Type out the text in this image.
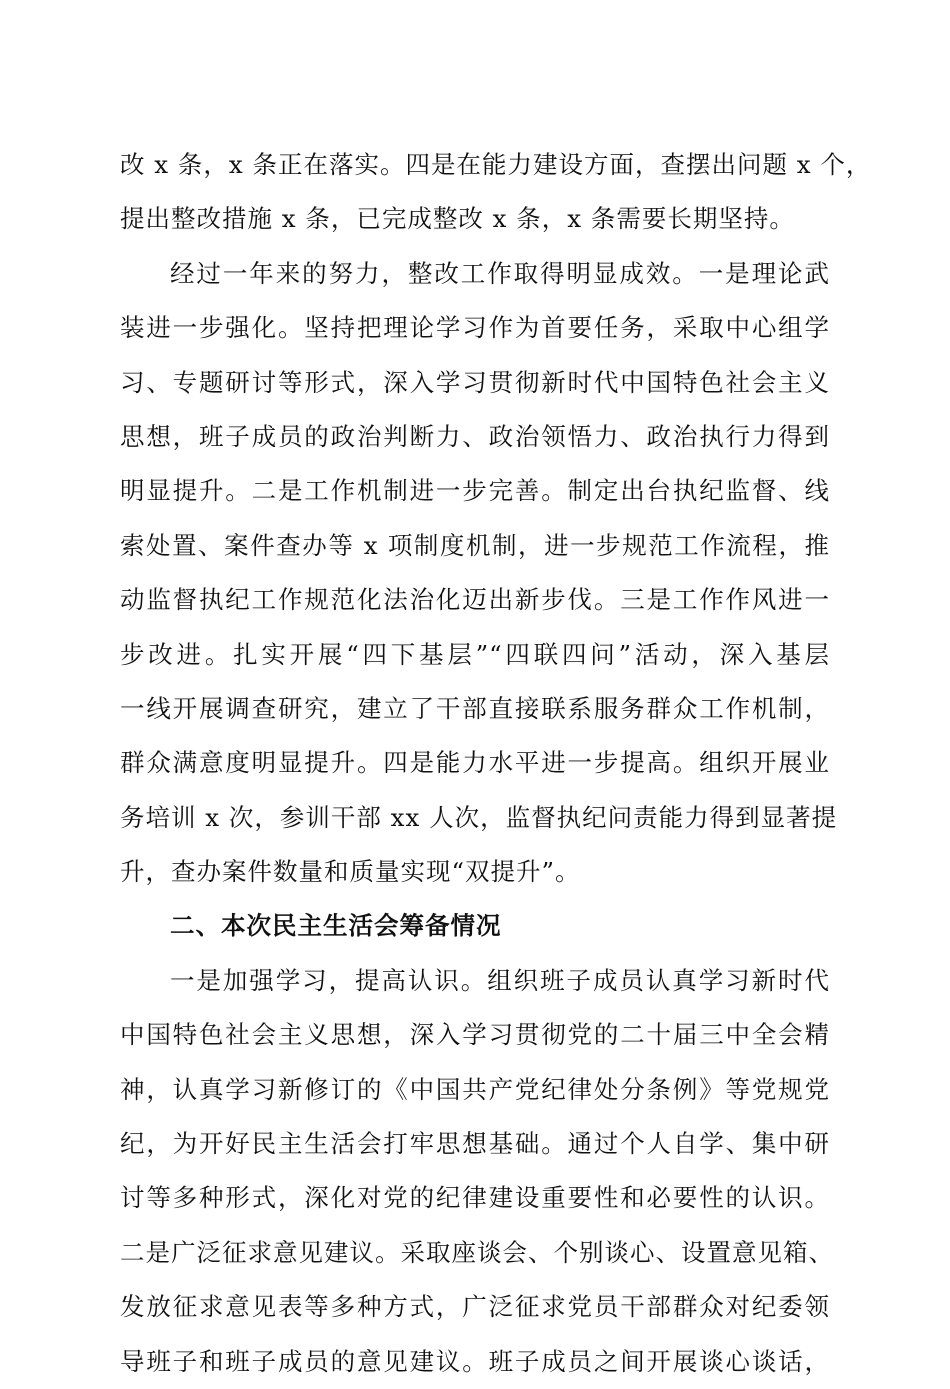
改 x 条，x 条正在落实。四是在能力建设方面，查摆出问题 x 个，
提出整改措施 x 条，已完成整改 x 条，x 条需要长期坚持。
经过一年来的努力，整改工作取得明显成效。一是理论武
装进一步强化。坚持把理论学习作为首要任务，采取中心组学
习、专题研讨等形式，深入学习贯彻新时代中国特色社会主义
思想，班子成员的政治判断力、政治领悟力、政治执行力得到
明显提升。二是工作机制进一步完善。制定出台执纪监督、线
索处置、案件查办等 x 项制度机制，进一步规范工作流程，推
动监督执纪工作规范化法治化迈出新步伐。三是工作作风进一
步改进。扎实开展“四下基层”“四联四问”活动，深入基层
一线开展调查研究，建立了干部直接联系服务群众工作机制，
群众满意度明显提升。四是能力水平进一步提高。组织开展业
务培训 x 次，参训干部 xx 人次，监督执纪问责能力得到显著提
升，查办案件数量和质量实现“双提升”。
二、本次民主生活会筹备情况
一是加强学习，提高认识。组织班子成员认真学习新时代
中国特色社会主义思想，深入学习贯彻党的二十届三中全会精
神，认真学习新修订的《中国共产党纪律处分条例》等党规党
纪，为开好民主生活会打牢思想基础。通过个人自学、集中研
讨等多种形式，深化对党的纪律建设重要性和必要性的认识。
二是广泛征求意见建议。采取座谈会、个别谈心、设置意见箱、
发放征求意见表等多种方式，广泛征求党员干部群众对纪委领
导班子和班子成员的意见建议。班子成员之间开展谈心谈话，
